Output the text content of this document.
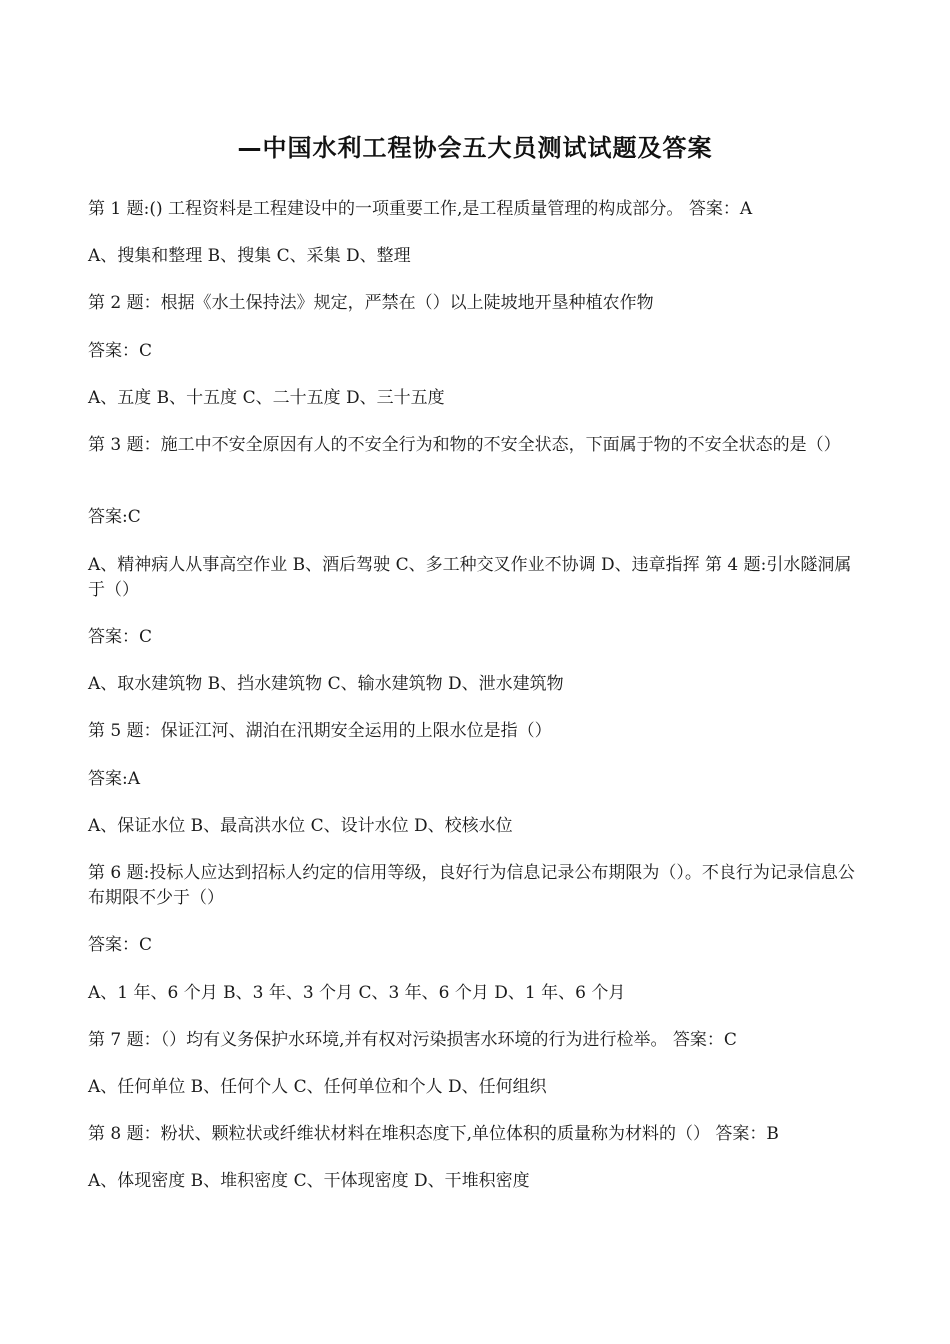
—中国水利工程协会五大员测试试题及答案
第 1 题:() 工程资料是工程建设中的一项重要工作,是工程质量管理的构成部分。 答案：A
A、搜集和整理 B、搜集 C、采集 D、整理
第 2 题：根据《水土保持法》规定，严禁在（）以上陡坡地开垦种植农作物
答案：C
A、五度 B、十五度 C、二十五度 D、三十五度
第 3 题：施工中不安全原因有人的不安全行为和物的不安全状态，下面属于物的不安全状态的是（）
答案:C
A、精神病人从事高空作业 B、酒后驾驶 C、多工种交叉作业不协调 D、违章指挥 第 4 题:引水隧洞属于（）
答案：C
A、取水建筑物 B、挡水建筑物 C、输水建筑物 D、泄水建筑物
第 5 题：保证江河、湖泊在汛期安全运用的上限水位是指（）
答案:A
A、保证水位 B、最高洪水位 C、设计水位 D、校核水位
第 6 题:投标人应达到招标人约定的信用等级，良好行为信息记录公布期限为（）。不良行为记录信息公布期限不少于（）
答案：C
A、1 年、6 个月 B、3 年、3 个月 C、3 年、6 个月 D、1 年、6 个月
第 7 题：（）均有义务保护水环境,并有权对污染损害水环境的行为进行检举。 答案：C
A、任何单位 B、任何个人 C、任何单位和个人 D、任何组织
第 8 题：粉状、颗粒状或纤维状材料在堆积态度下,单位体积的质量称为材料的（） 答案：B
A、体现密度 B、堆积密度 C、干体现密度 D、干堆积密度
